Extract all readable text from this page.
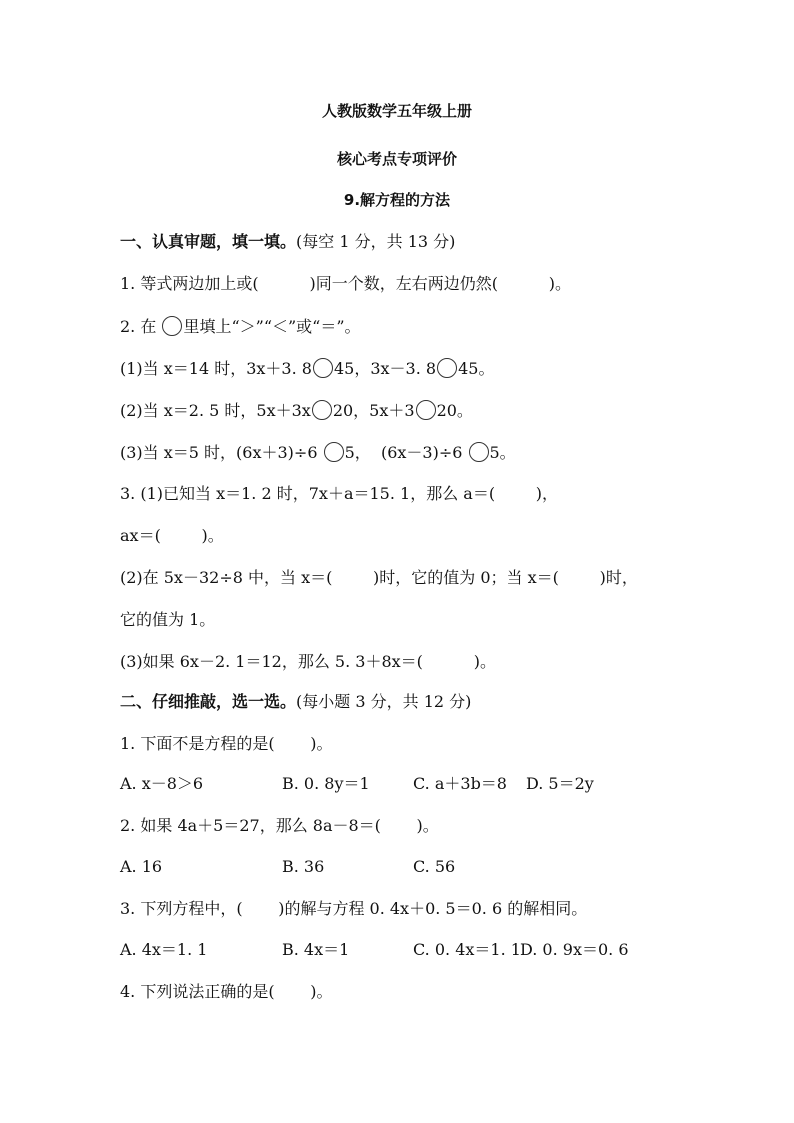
人教版数学五年级上册
核心考点专项评价
9.解方程的方法
一、认真审题，填一填。(每空 1 分，共 13 分)
1. 等式两边加上或(          )同一个数，左右两边仍然(          )。
2. 在 里填上“＞”“＜”或“＝”。
(1)当 x＝14 时，3x＋3. 8 45，3x－3. 8 45。
(2)当 x＝2. 5 时，5x＋3x 20，5x＋3 20。
(3)当 x＝5 时，(6x＋3)÷6 5，  (6x－3)÷6 5。
3. (1)已知当 x＝1. 2 时，7x＋a＝15. 1，那么 a＝(        )，
ax＝(        )。
(2)在 5x－32÷8 中，当 x＝(        )时，它的值为 0；当 x＝(        )时，
它的值为 1。
(3)如果 6x－2. 1＝12，那么 5. 3＋8x＝(          )。
二、仔细推敲，选一选。(每小题 3 分，共 12 分)
1. 下面不是方程的是(       )。
A. x－8＞6	B. 0. 8y＝1	C. a＋3b＝8 D. 5＝2y
2. 如果 4a＋5＝27，那么 8a－8＝(       )。
A. 16	B. 36	C. 56
3. 下列方程中，(       )的解与方程 0. 4x＋0. 5＝0. 6 的解相同。
A. 4x＝1. 1	B. 4x＝1	C. 0. 4x＝1. 1 D. 0. 9x＝0. 6
4. 下列说法正确的是(       )。
